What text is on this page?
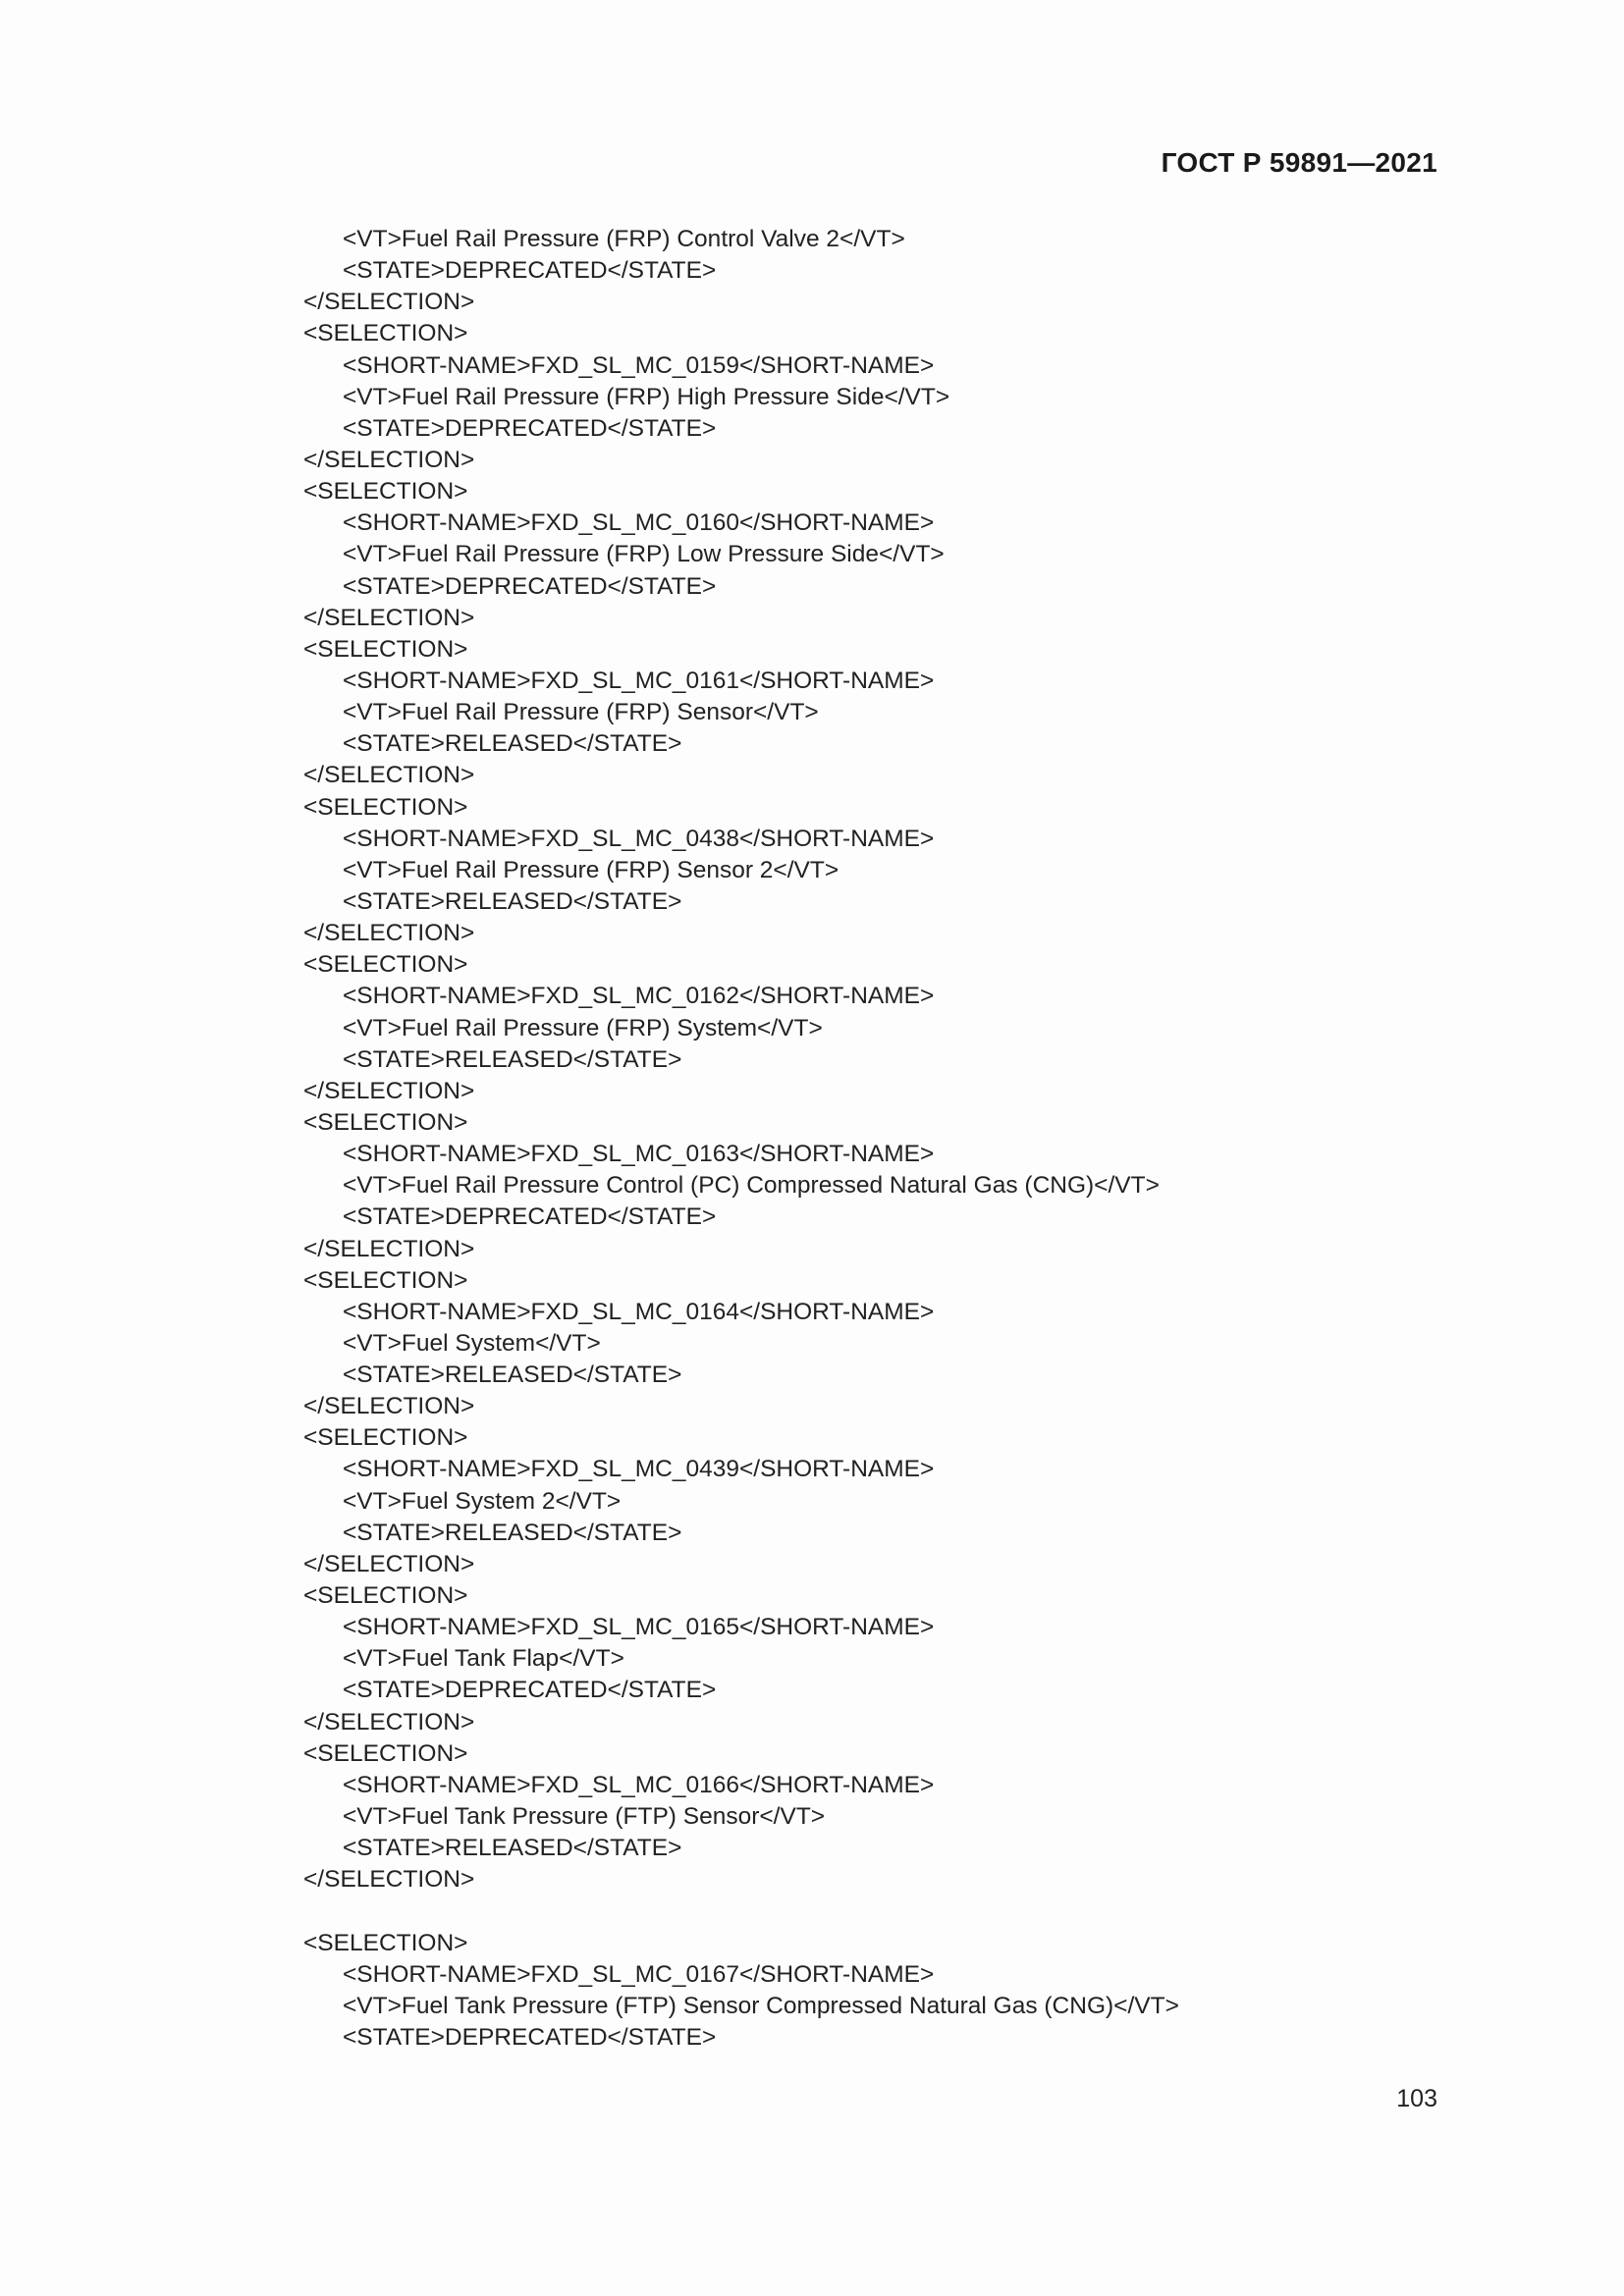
ГОСТ Р 59891—2021
<VT>Fuel Rail Pressure (FRP) Control Valve 2</VT>
<STATE>DEPRECATED</STATE>
</SELECTION>
<SELECTION>
<SHORT-NAME>FXD_SL_MC_0159</SHORT-NAME>
<VT>Fuel Rail Pressure (FRP) High Pressure Side</VT>
<STATE>DEPRECATED</STATE>
</SELECTION>
<SELECTION>
<SHORT-NAME>FXD_SL_MC_0160</SHORT-NAME>
<VT>Fuel Rail Pressure (FRP) Low Pressure Side</VT>
<STATE>DEPRECATED</STATE>
</SELECTION>
<SELECTION>
<SHORT-NAME>FXD_SL_MC_0161</SHORT-NAME>
<VT>Fuel Rail Pressure (FRP) Sensor</VT>
<STATE>RELEASED</STATE>
</SELECTION>
<SELECTION>
<SHORT-NAME>FXD_SL_MC_0438</SHORT-NAME>
<VT>Fuel Rail Pressure (FRP) Sensor 2</VT>
<STATE>RELEASED</STATE>
</SELECTION>
<SELECTION>
<SHORT-NAME>FXD_SL_MC_0162</SHORT-NAME>
<VT>Fuel Rail Pressure (FRP) System</VT>
<STATE>RELEASED</STATE>
</SELECTION>
<SELECTION>
<SHORT-NAME>FXD_SL_MC_0163</SHORT-NAME>
<VT>Fuel Rail Pressure Control (PC) Compressed Natural Gas (CNG)</VT>
<STATE>DEPRECATED</STATE>
</SELECTION>
<SELECTION>
<SHORT-NAME>FXD_SL_MC_0164</SHORT-NAME>
<VT>Fuel System</VT>
<STATE>RELEASED</STATE>
</SELECTION>
<SELECTION>
<SHORT-NAME>FXD_SL_MC_0439</SHORT-NAME>
<VT>Fuel System 2</VT>
<STATE>RELEASED</STATE>
</SELECTION>
<SELECTION>
<SHORT-NAME>FXD_SL_MC_0165</SHORT-NAME>
<VT>Fuel Tank Flap</VT>
<STATE>DEPRECATED</STATE>
</SELECTION>
<SELECTION>
<SHORT-NAME>FXD_SL_MC_0166</SHORT-NAME>
<VT>Fuel Tank Pressure (FTP) Sensor</VT>
<STATE>RELEASED</STATE>
</SELECTION>
<SELECTION>
<SHORT-NAME>FXD_SL_MC_0167</SHORT-NAME>
<VT>Fuel Tank Pressure (FTP) Sensor Compressed Natural Gas (CNG)</VT>
<STATE>DEPRECATED</STATE>
103
